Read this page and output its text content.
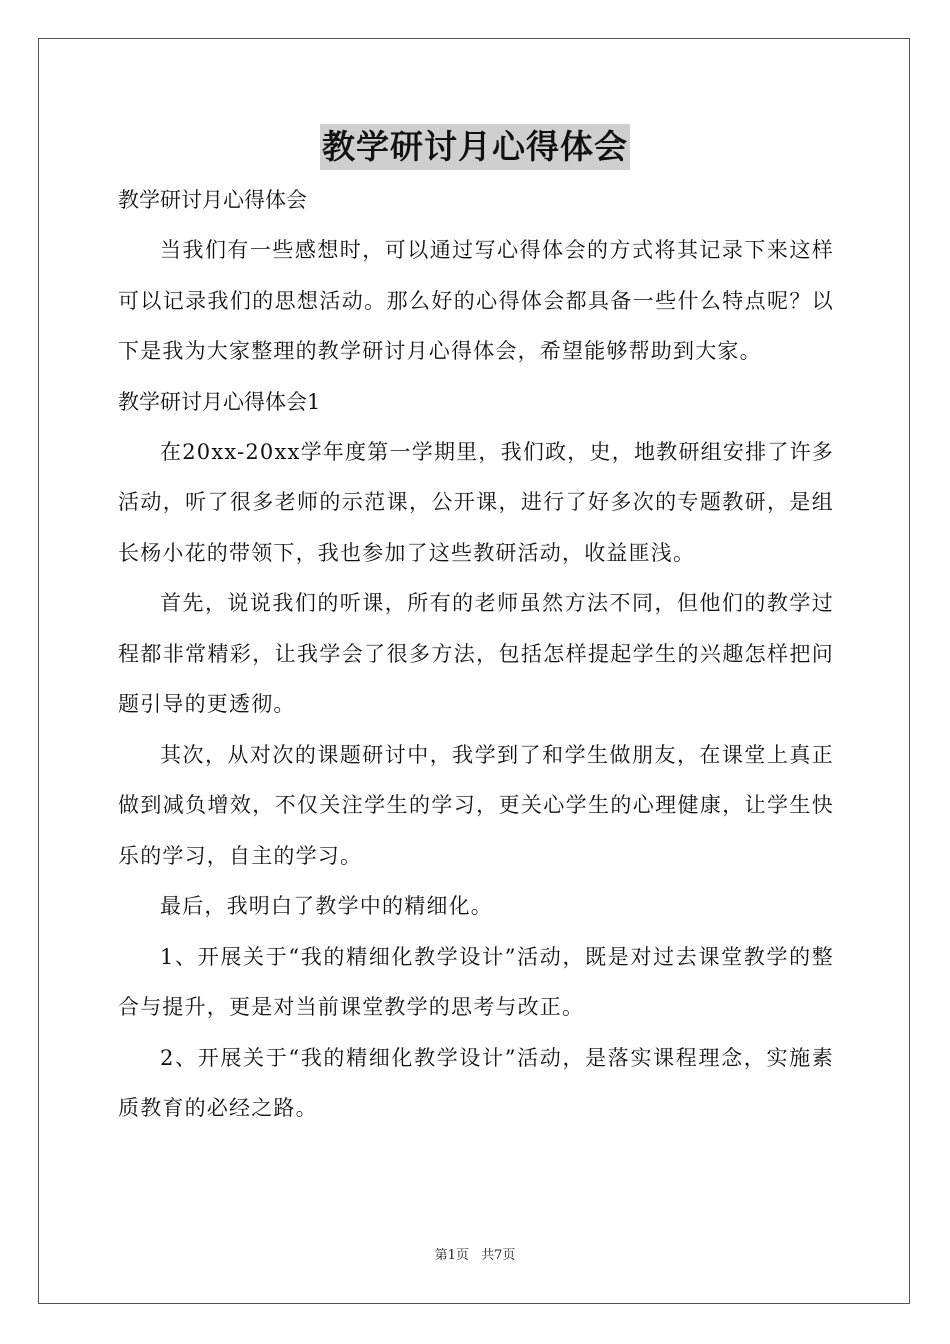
教学研讨月心得体会

教学研讨月心得体会

当我们有一些感想时，可以通过写心得体会的方式将其记录下来这样可以记录我们的思想活动。那么好的心得体会都具备一些什么特点呢？以下是我为大家整理的教学研讨月心得体会，希望能够帮助到大家。

教学研讨月心得体会1

在20xx-20xx学年度第一学期里，我们政，史，地教研组安排了许多活动，听了很多老师的示范课，公开课，进行了好多次的专题教研，是组长杨小花的带领下，我也参加了这些教研活动，收益匪浅。

首先，说说我们的听课，所有的老师虽然方法不同，但他们的教学过程都非常精彩，让我学会了很多方法，包括怎样提起学生的兴趣怎样把问题引导的更透彻。

其次，从对次的课题研讨中，我学到了和学生做朋友，在课堂上真正做到减负增效，不仅关注学生的学习，更关心学生的心理健康，让学生快乐的学习，自主的学习。

最后，我明白了教学中的精细化。

1、开展关于“我的精细化教学设计”活动，既是对过去课堂教学的整合与提升，更是对当前课堂教学的思考与改正。

2、开展关于“我的精细化教学设计”活动，是落实课程理念，实施素质教育的必经之路。

第1页 共7页
